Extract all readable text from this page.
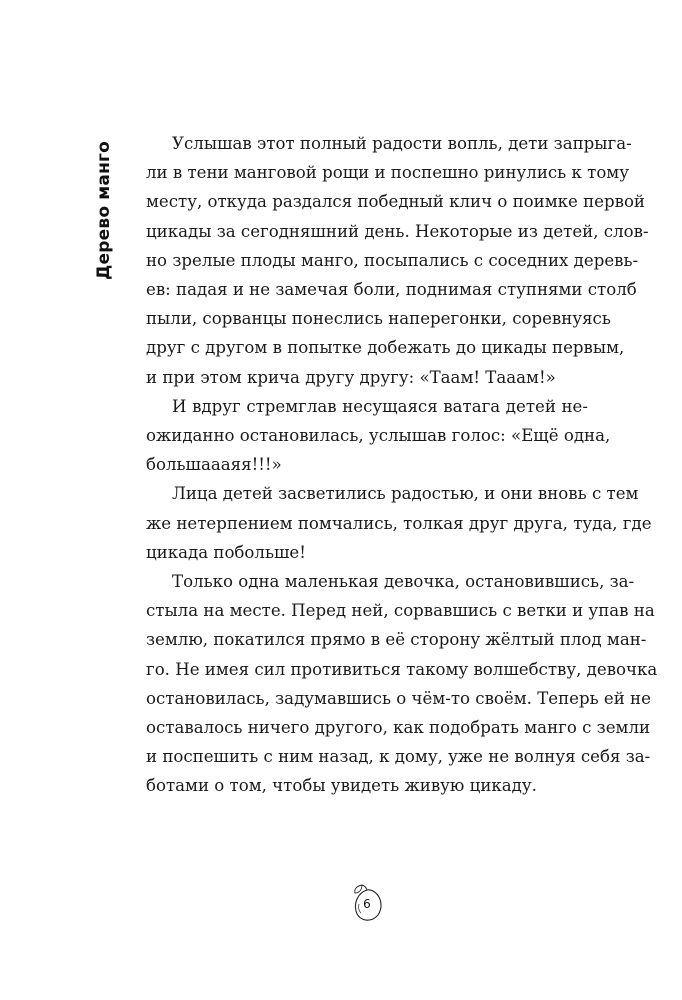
Дерево манго	Услышав этот полный радости вопль, дети запрыга-
ли в тени манговой рощи и поспешно ринулись к тому
месту, откуда раздался победный клич о поимке первой
цикады за сегодняшний день. Некоторые из детей, слов-
но зрелые плоды манго, посыпались с соседних деревь-
ев: падая и не замечая боли, поднимая ступнями столб
пыли, сорванцы понеслись наперегонки, соревнуясь
друг с другом в попытке добежать до цикады первым,
и при этом крича другу другу: «Таам! Тааам!»
И вдруг стремглав несущаяся ватага детей не-
ожиданно остановилась, услышав голос: «Ещё одна,
большаааяя!!!»
Лица детей засветились радостью, и они вновь с тем
же нетерпением помчались, толкая друг друга, туда, где
цикада побольше!
Только одна маленькая девочка, остановившись, за-
стыла на месте. Перед ней, сорвавшись с ветки и упав на
землю, покатился прямо в её сторону жёлтый плод ман-
го. Не имея сил противиться такому волшебству, девочка
остановилась, задумавшись о чём-то своём. Теперь ей не
оставалось ничего другого, как подобрать манго с земли
и поспешить с ним назад, к дому, уже не волнуя себя за-
ботами о том, чтобы увидеть живую цикаду.
6
